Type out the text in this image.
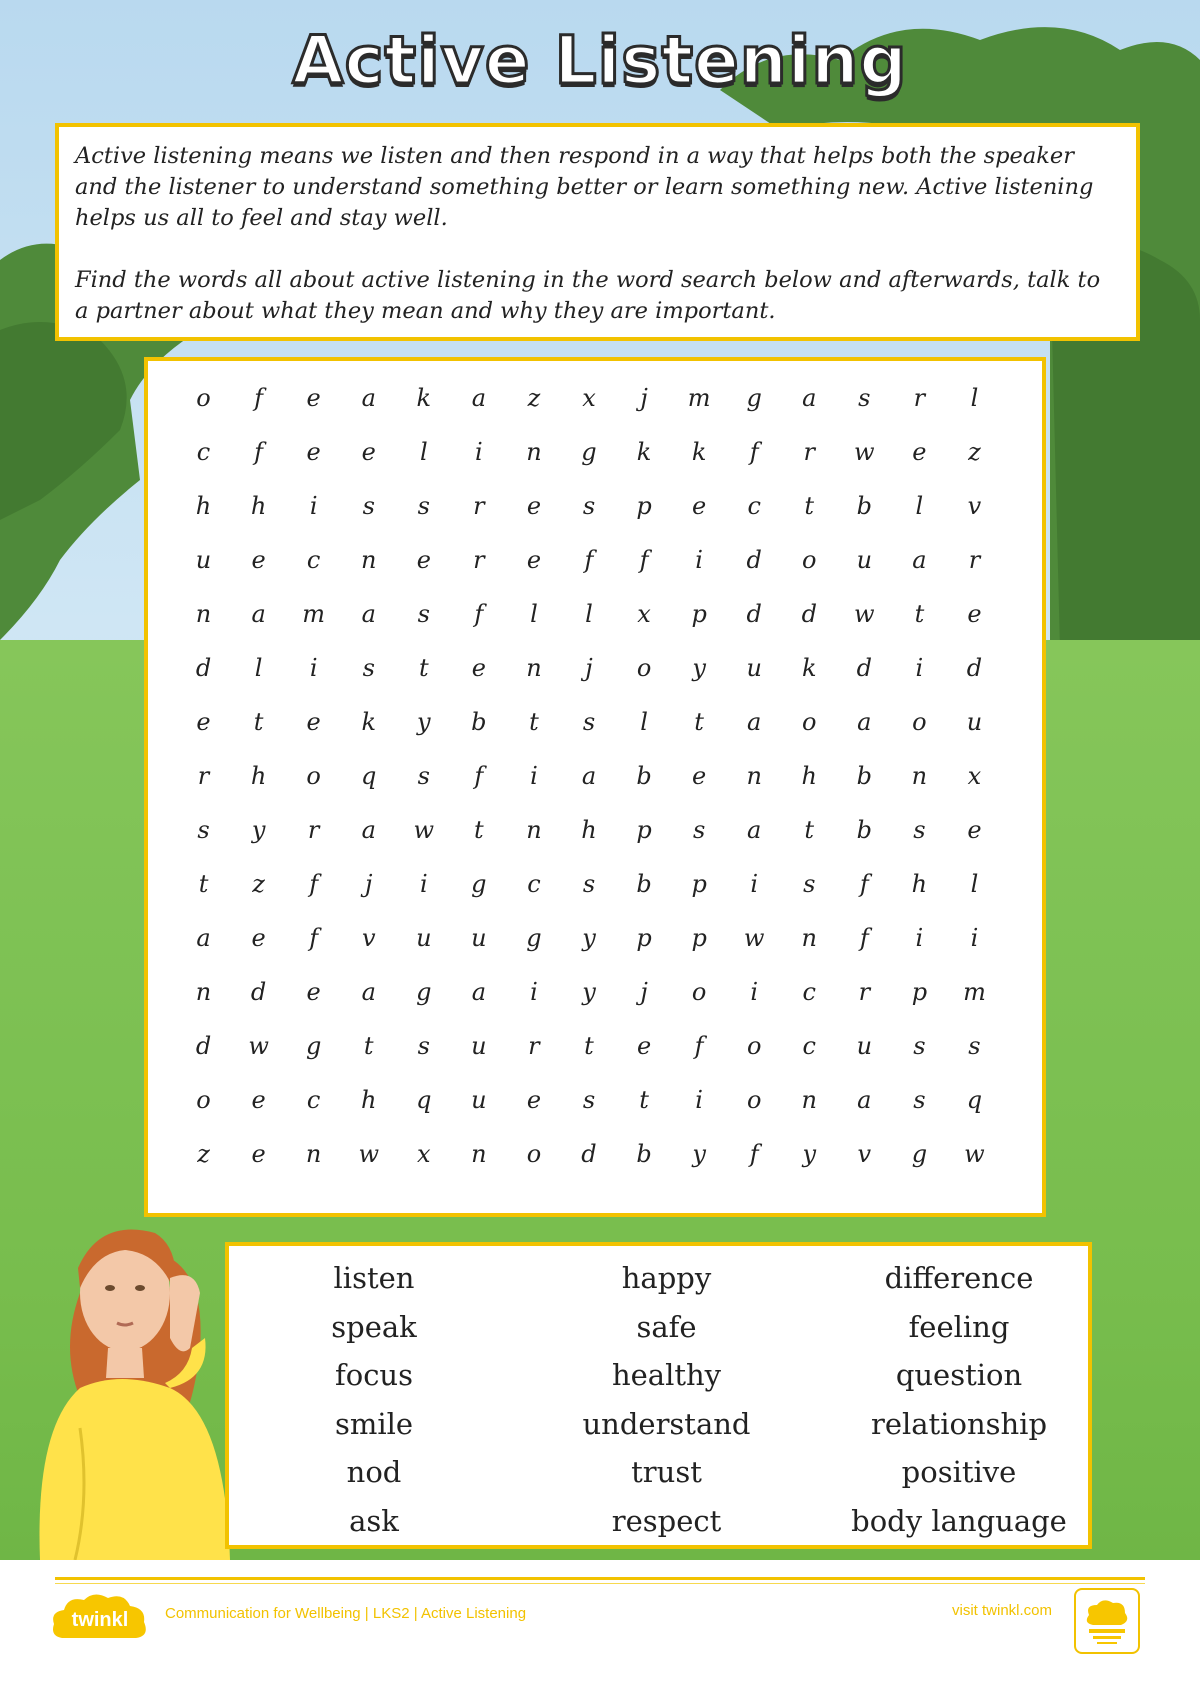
Active Listening

Active listening means we listen and then respond in a way that helps both the speaker and the listener to understand something better or learn something new. Active listening helps us all to feel and stay well.

Find the words all about active listening in the word search below and afterwards, talk to a partner about what they mean and why they are important.

o	f	e	a	k	a	z	x	j	m	g	a	s	r	l
c	f	e	e	l	i	n	g	k	k	f	r	w	e	z
h	h	i	s	s	r	e	s	p	e	c	t	b	l	v
u	e	c	n	e	r	e	f	f	i	d	o	u	a	r
n	a	m	a	s	f	l	l	x	p	d	d	w	t	e
d	l	i	s	t	e	n	j	o	y	u	k	d	i	d
e	t	e	k	y	b	t	s	l	t	a	o	a	o	u
r	h	o	q	s	f	i	a	b	e	n	h	b	n	x
s	y	r	a	w	t	n	h	p	s	a	t	b	s	e
t	z	f	j	i	g	c	s	b	p	i	s	f	h	l
a	e	f	v	u	u	g	y	p	p	w	n	f	i	i
n	d	e	a	g	a	i	y	j	o	i	c	r	p	m
d	w	g	t	s	u	r	t	e	f	o	c	u	s	s
o	e	c	h	q	u	e	s	t	i	o	n	a	s	q
z	e	n	w	x	n	o	d	b	y	f	y	v	g	w
listen	happy	difference
speak	safe	feeling
focus	healthy	question
smile	understand	relationship
nod	trust	positive
ask	respect	body language
twinkl Communication for Wellbeing | LKS2 | Active Listening	visit twinkl.com
